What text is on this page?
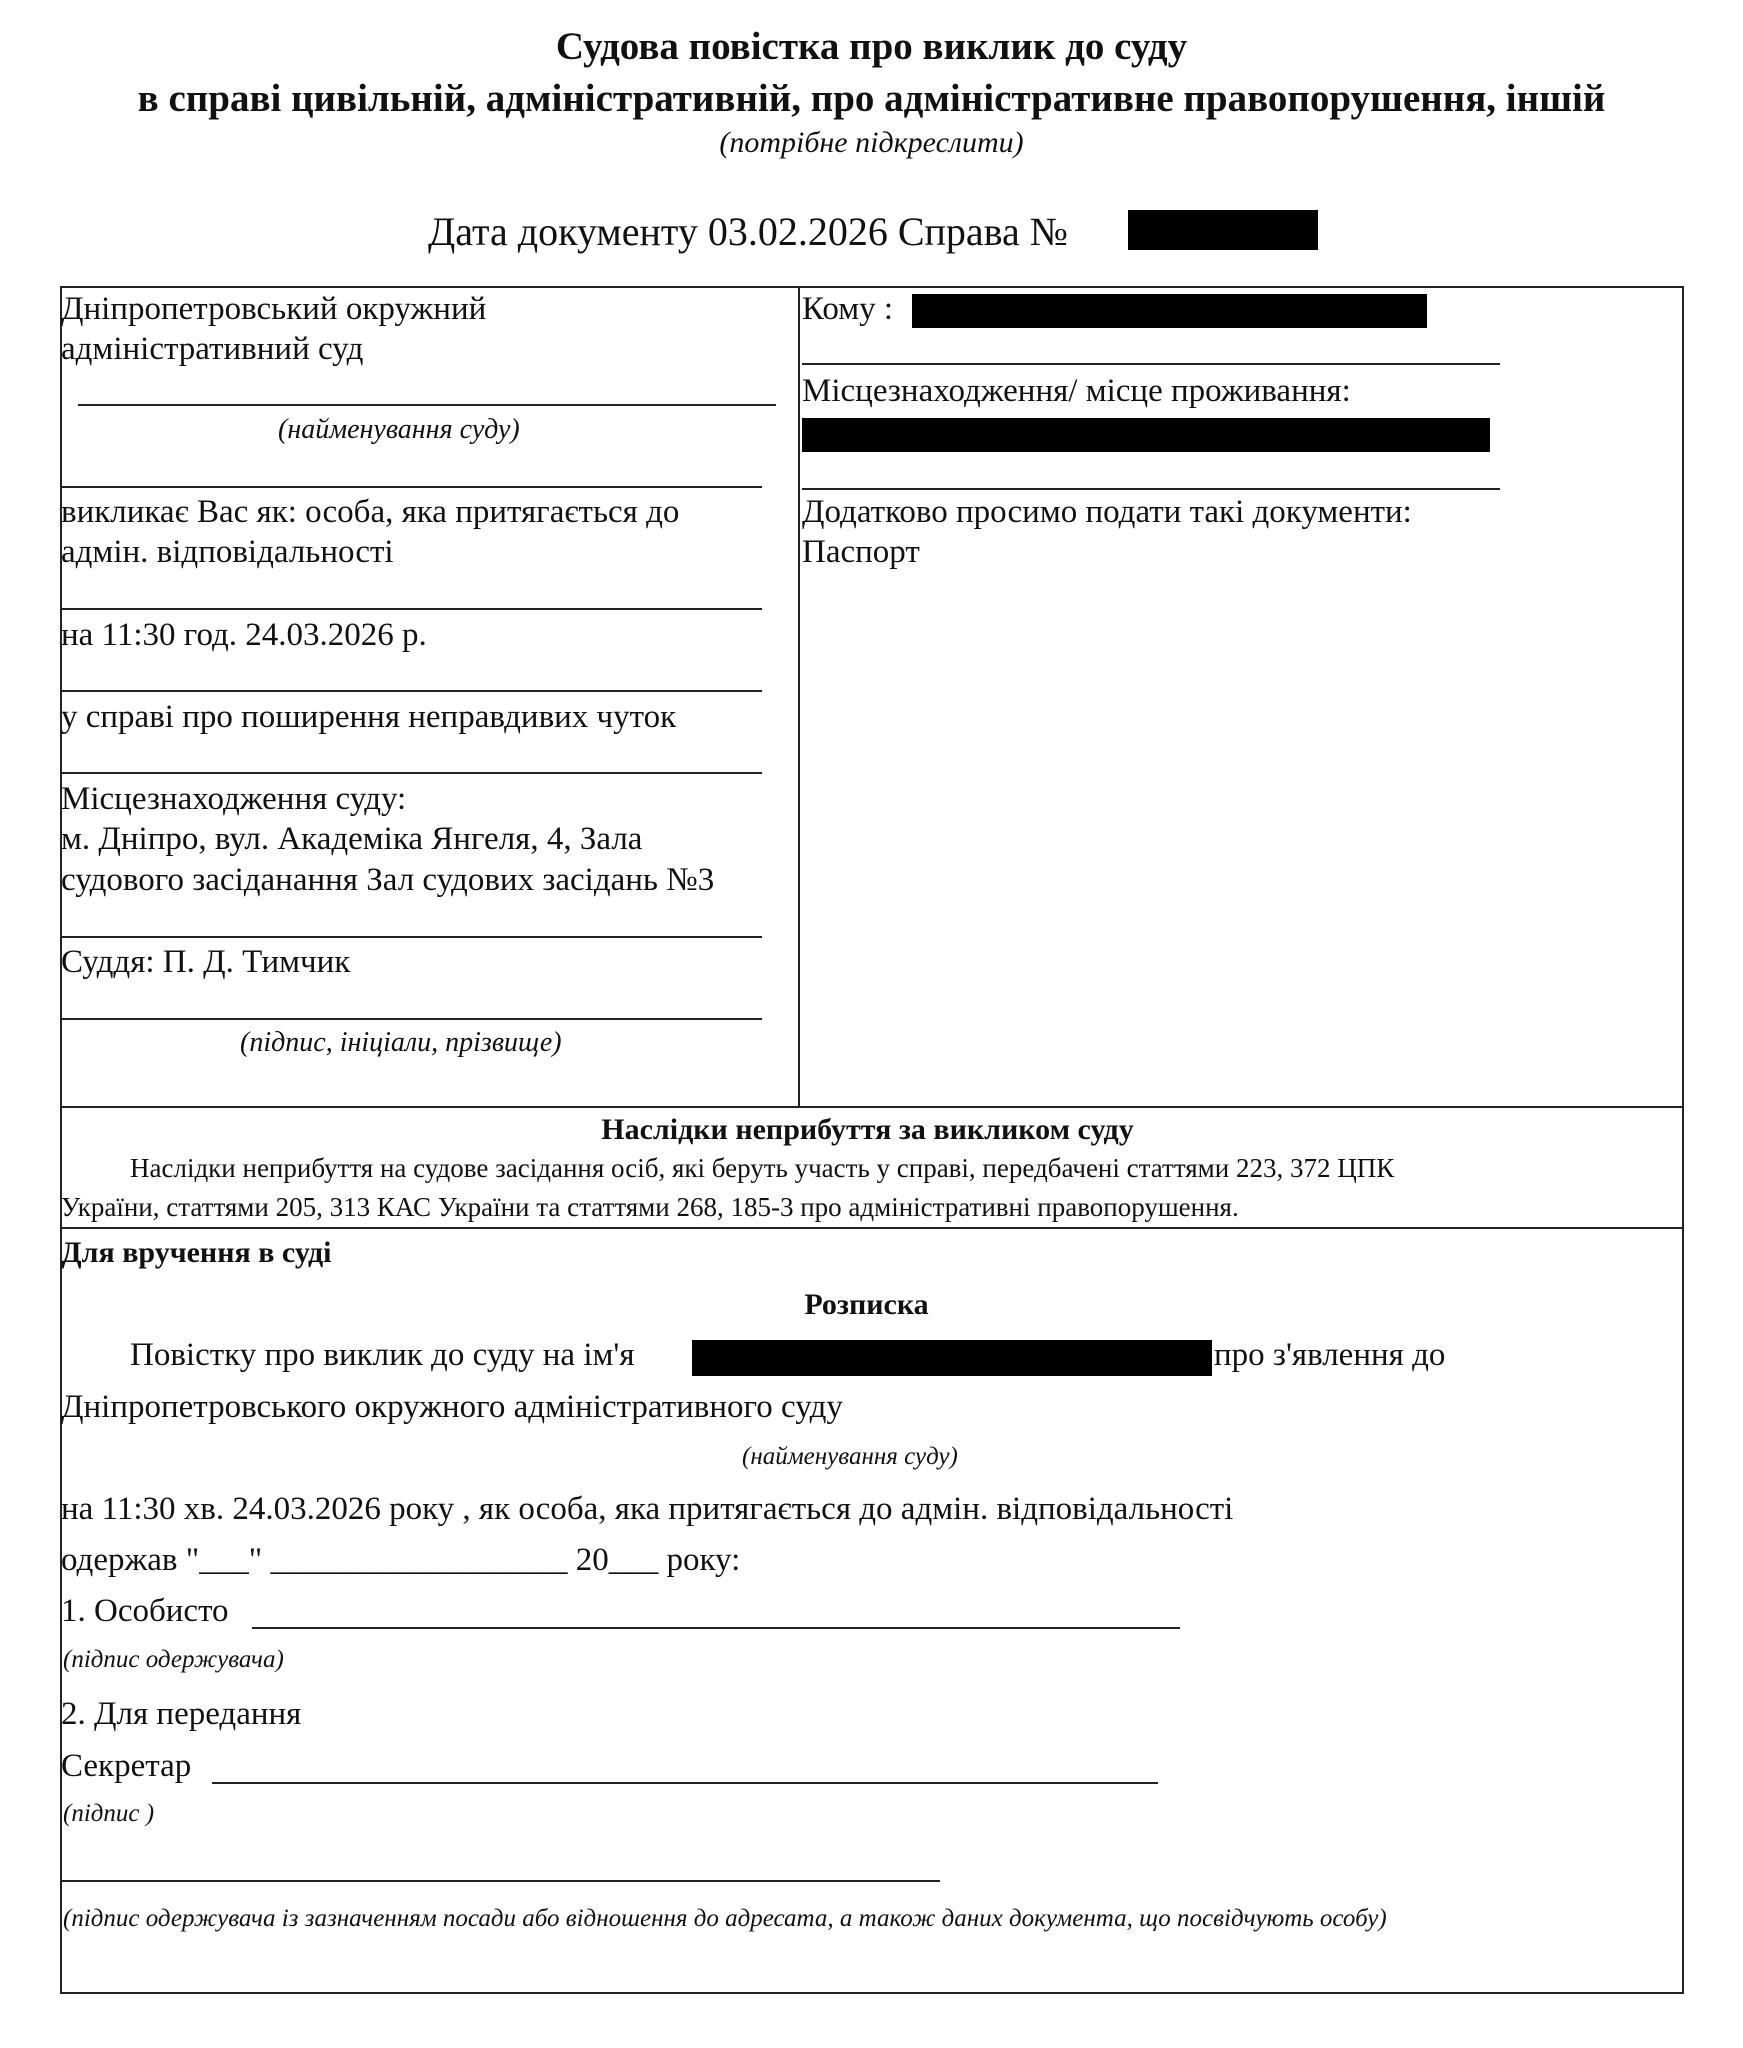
Судова повістка про виклик до суду
в справі цивільній, адміністративній, про адміністративне правопорушення, іншій
(потрібне підкреслити)
Дата документу 03.02.2026 Справа №
Дніпропетровський окружний
адміністративний суд
(найменування суду)
викликає Вас як: особа, яка притягається до
адмін. відповідальності
на 11:30 год. 24.03.2026 р.
у справі про поширення неправдивих чуток
Місцезнаходження суду:
м. Дніпро, вул. Академіка Янгеля, 4, Зала
судового засіданання Зал судових засідань №3
Суддя: П. Д. Тимчик
(підпис, ініціали, прізвище)
Кому :
Місцезнаходження/ місце проживання:
Додатково просимо подати такі документи:
Паспорт
Наслідки неприбуття за викликом суду
Наслідки неприбуття на судове засідання осіб, які беруть участь у справі, передбачені статтями 223, 372 ЦПК
України, статтями 205, 313 КАС України та статтями 268, 185-3 про адміністративні правопорушення.
Для вручення в суді
Розписка
Повістку про виклик до суду на ім'я	про з'явлення до
Дніпропетровського окружного адміністративного суду
(найменування суду)
на 11:30 хв. 24.03.2026 року , як особа, яка притягається до адмін. відповідальності
одержав "___" __________________ 20___ року:
1. Особисто
(підпис одержувача)
2. Для передання
Секретар
(підпис )
(підпис одержувача із зазначенням посади або відношення до адресата, а також даних документа, що посвідчують особу)
